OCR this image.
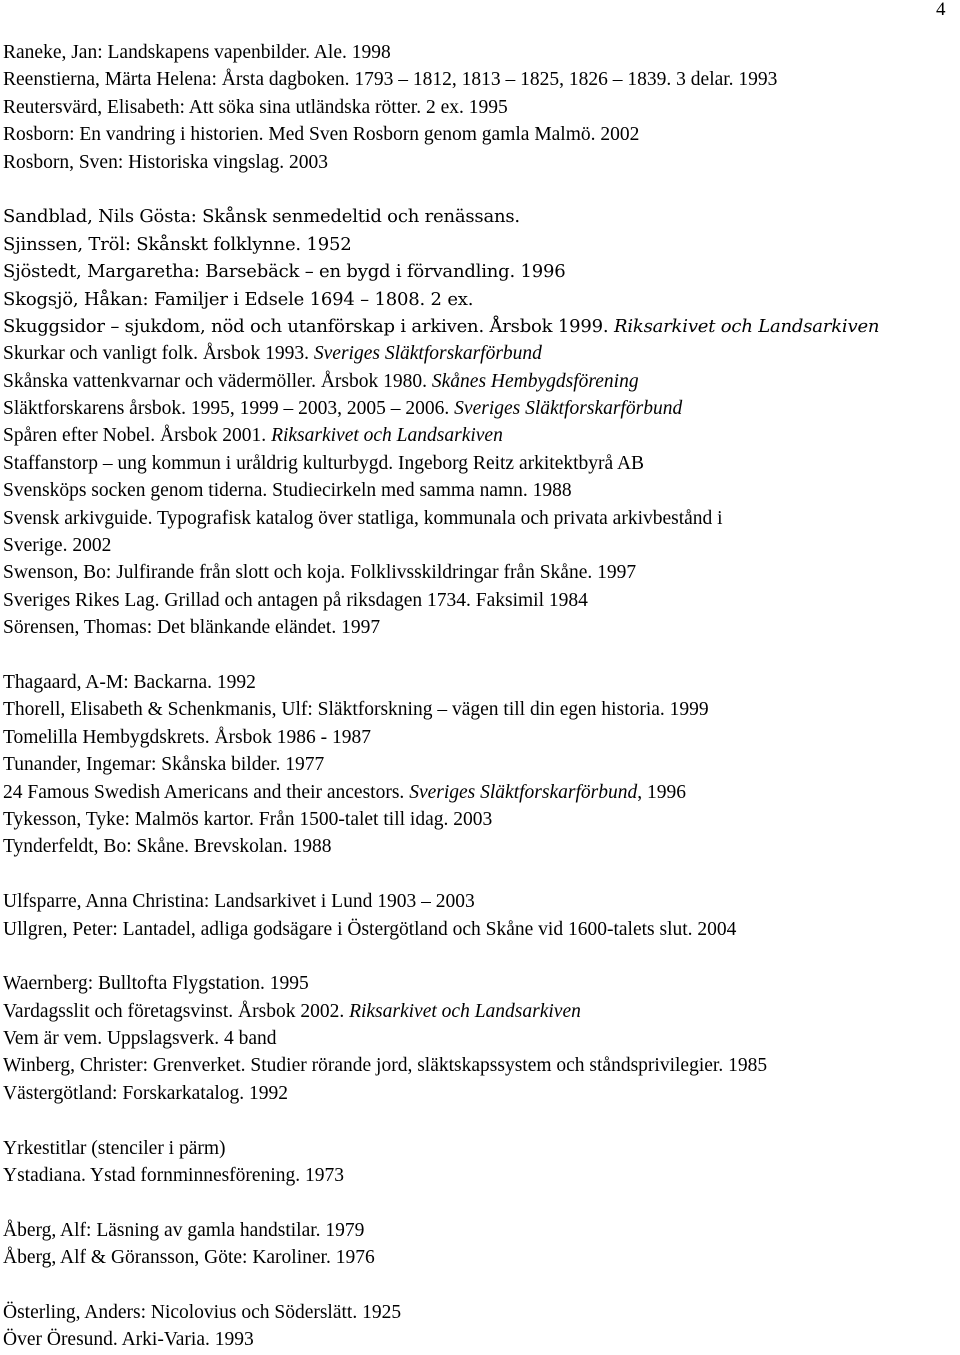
4
Raneke, Jan: Landskapens vapenbilder. Ale. 1998
Reenstierna, Märta Helena: Årsta dagboken. 1793 – 1812, 1813 – 1825, 1826 – 1839. 3 delar. 1993
Reutersvärd, Elisabeth: Att söka sina utländska rötter. 2 ex. 1995
Rosborn: En vandring i historien. Med Sven Rosborn genom gamla Malmö. 2002
Rosborn, Sven: Historiska vingslag. 2003
Sandblad, Nils Gösta: Skånsk senmedeltid och renässans.
Sjinssen, Tröl: Skånskt folklynne. 1952
Sjöstedt, Margaretha: Barsebäck – en bygd i förvandling. 1996
Skogsjö, Håkan: Familjer i Edsele 1694 – 1808. 2 ex.
Skuggsidor – sjukdom, nöd och utanförskap i arkiven. Årsbok 1999. Riksarkivet och Landsarkiven
Skurkar och vanligt folk. Årsbok 1993. Sveriges Släktforskarförbund
Skånska vattenkvarnar och vädermöller. Årsbok 1980. Skånes Hembygdsförening
Släktforskarens årsbok. 1995, 1999 – 2003, 2005 – 2006. Sveriges Släktforskarförbund
Spåren efter Nobel. Årsbok 2001. Riksarkivet och Landsarkiven
Staffanstorp – ung kommun i uråldrig kulturbygd. Ingeborg Reitz arkitektbyrå AB
Svensköps socken genom tiderna. Studiecirkeln med samma namn. 1988
Svensk arkivguide. Typografisk katalog över statliga, kommunala och privata arkivbestånd i
Sverige. 2002
Swenson, Bo: Julfirande från slott och koja. Folklivsskildringar från Skåne. 1997
Sveriges Rikes Lag. Grillad och antagen på riksdagen 1734. Faksimil 1984
Sörensen, Thomas: Det blänkande eländet. 1997
Thagaard, A-M: Backarna. 1992
Thorell, Elisabeth & Schenkmanis, Ulf: Släktforskning – vägen till din egen historia. 1999
Tomelilla Hembygdskrets. Årsbok 1986 - 1987
Tunander, Ingemar: Skånska bilder. 1977
24 Famous Swedish Americans and their ancestors. Sveriges Släktforskarförbund, 1996
Tykesson, Tyke: Malmös kartor. Från 1500-talet till idag. 2003
Tynderfeldt, Bo: Skåne. Brevskolan. 1988
Ulfsparre, Anna Christina: Landsarkivet i Lund 1903 – 2003
Ullgren, Peter: Lantadel, adliga godsägare i Östergötland och Skåne vid 1600-talets slut. 2004
Waernberg: Bulltofta Flygstation. 1995
Vardagsslit och företagsvinst. Årsbok 2002. Riksarkivet och Landsarkiven
Vem är vem. Uppslagsverk. 4 band
Winberg, Christer: Grenverket. Studier rörande jord, släktskapssystem och ståndsprivilegier. 1985
Västergötland: Forskarkatalog. 1992
Yrkestitlar (stenciler i pärm)
Ystadiana. Ystad fornminnesförening. 1973
Åberg, Alf: Läsning av gamla handstilar. 1979
Åberg, Alf & Göransson, Göte: Karoliner. 1976
Österling, Anders: Nicolovius och Söderslätt. 1925
Över Öresund. Arki-Varia. 1993
